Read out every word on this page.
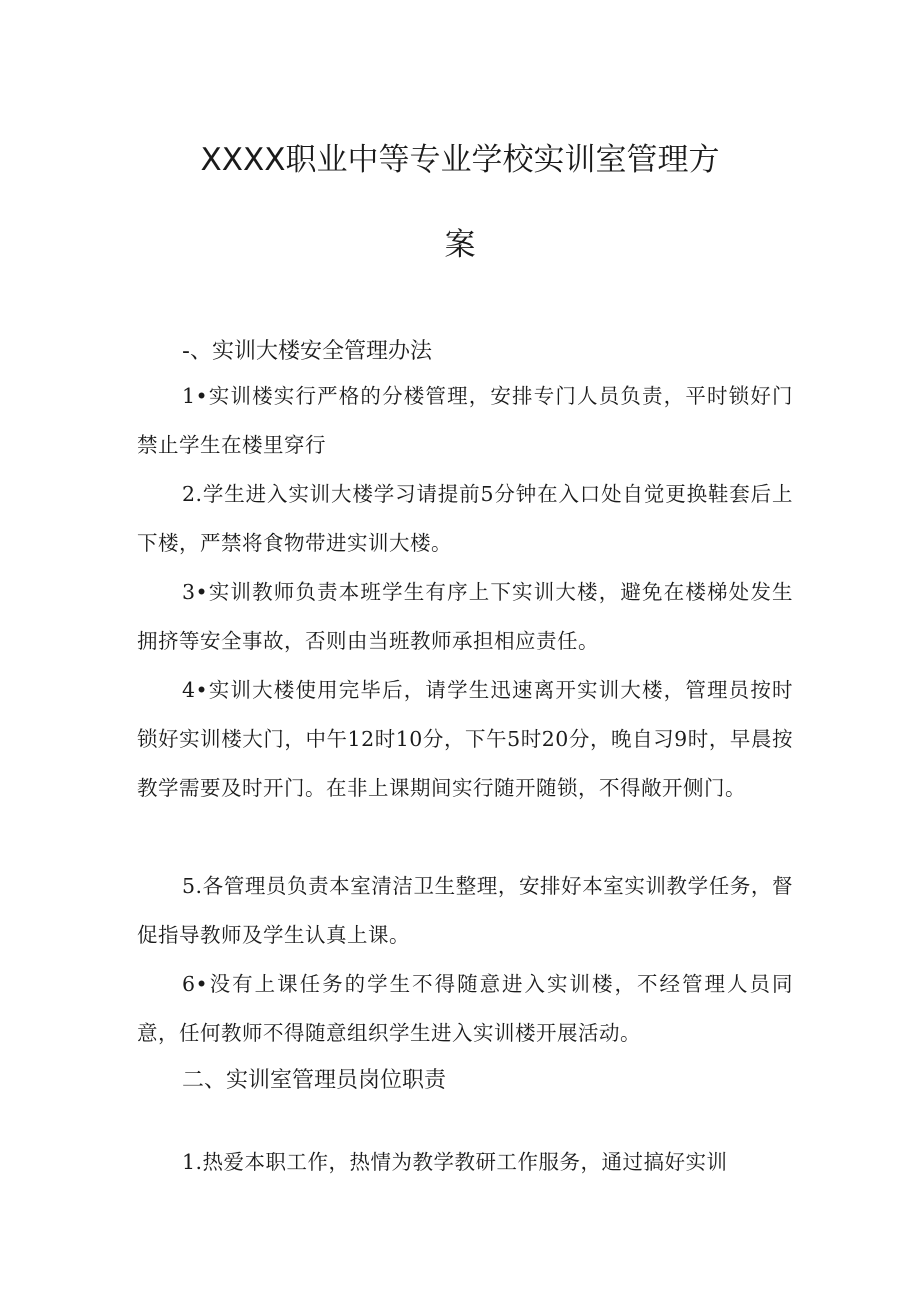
XXXX职业中等专业学校实训室管理方
案
-、实训大楼安全管理办法

1•实训楼实行严格的分楼管理，安排专门人员负责，平时锁好门禁止学生在楼里穿行

2.学生进入实训大楼学习请提前5分钟在入口处自觉更换鞋套后上下楼，严禁将食物带进实训大楼。

3•实训教师负责本班学生有序上下实训大楼，避免在楼梯处发生拥挤等安全事故，否则由当班教师承担相应责任。

4•实训大楼使用完毕后，请学生迅速离开实训大楼，管理员按时锁好实训楼大门，中午12时10分，下午5时20分，晚自习9时，早晨按教学需要及时开门。在非上课期间实行随开随锁，不得敞开侧门。

5.各管理员负责本室清洁卫生整理，安排好本室实训教学任务，督促指导教师及学生认真上课。

6•没有上课任务的学生不得随意进入实训楼，不经管理人员同意，任何教师不得随意组织学生进入实训楼开展活动。

二、实训室管理员岗位职责

1.热爱本职工作，热情为教学教研工作服务，通过搞好实训
